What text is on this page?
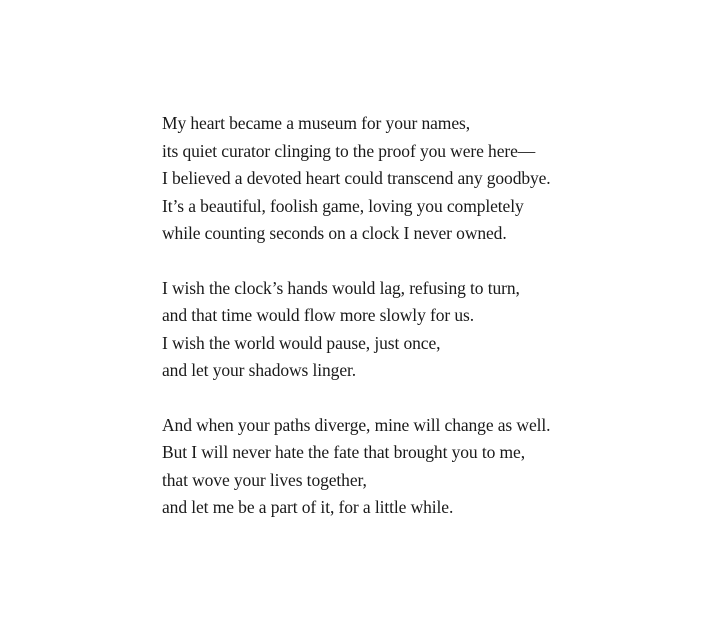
My heart became a museum for your names,
its quiet curator clinging to the proof you were here—
I believed a devoted heart could transcend any goodbye.
It’s a beautiful, foolish game, loving you completely
while counting seconds on a clock I never owned.
I wish the clock’s hands would lag, refusing to turn,
and that time would flow more slowly for us.
I wish the world would pause, just once,
and let your shadows linger.
And when your paths diverge, mine will change as well.
But I will never hate the fate that brought you to me,
that wove your lives together,
and let me be a part of it, for a little while.
